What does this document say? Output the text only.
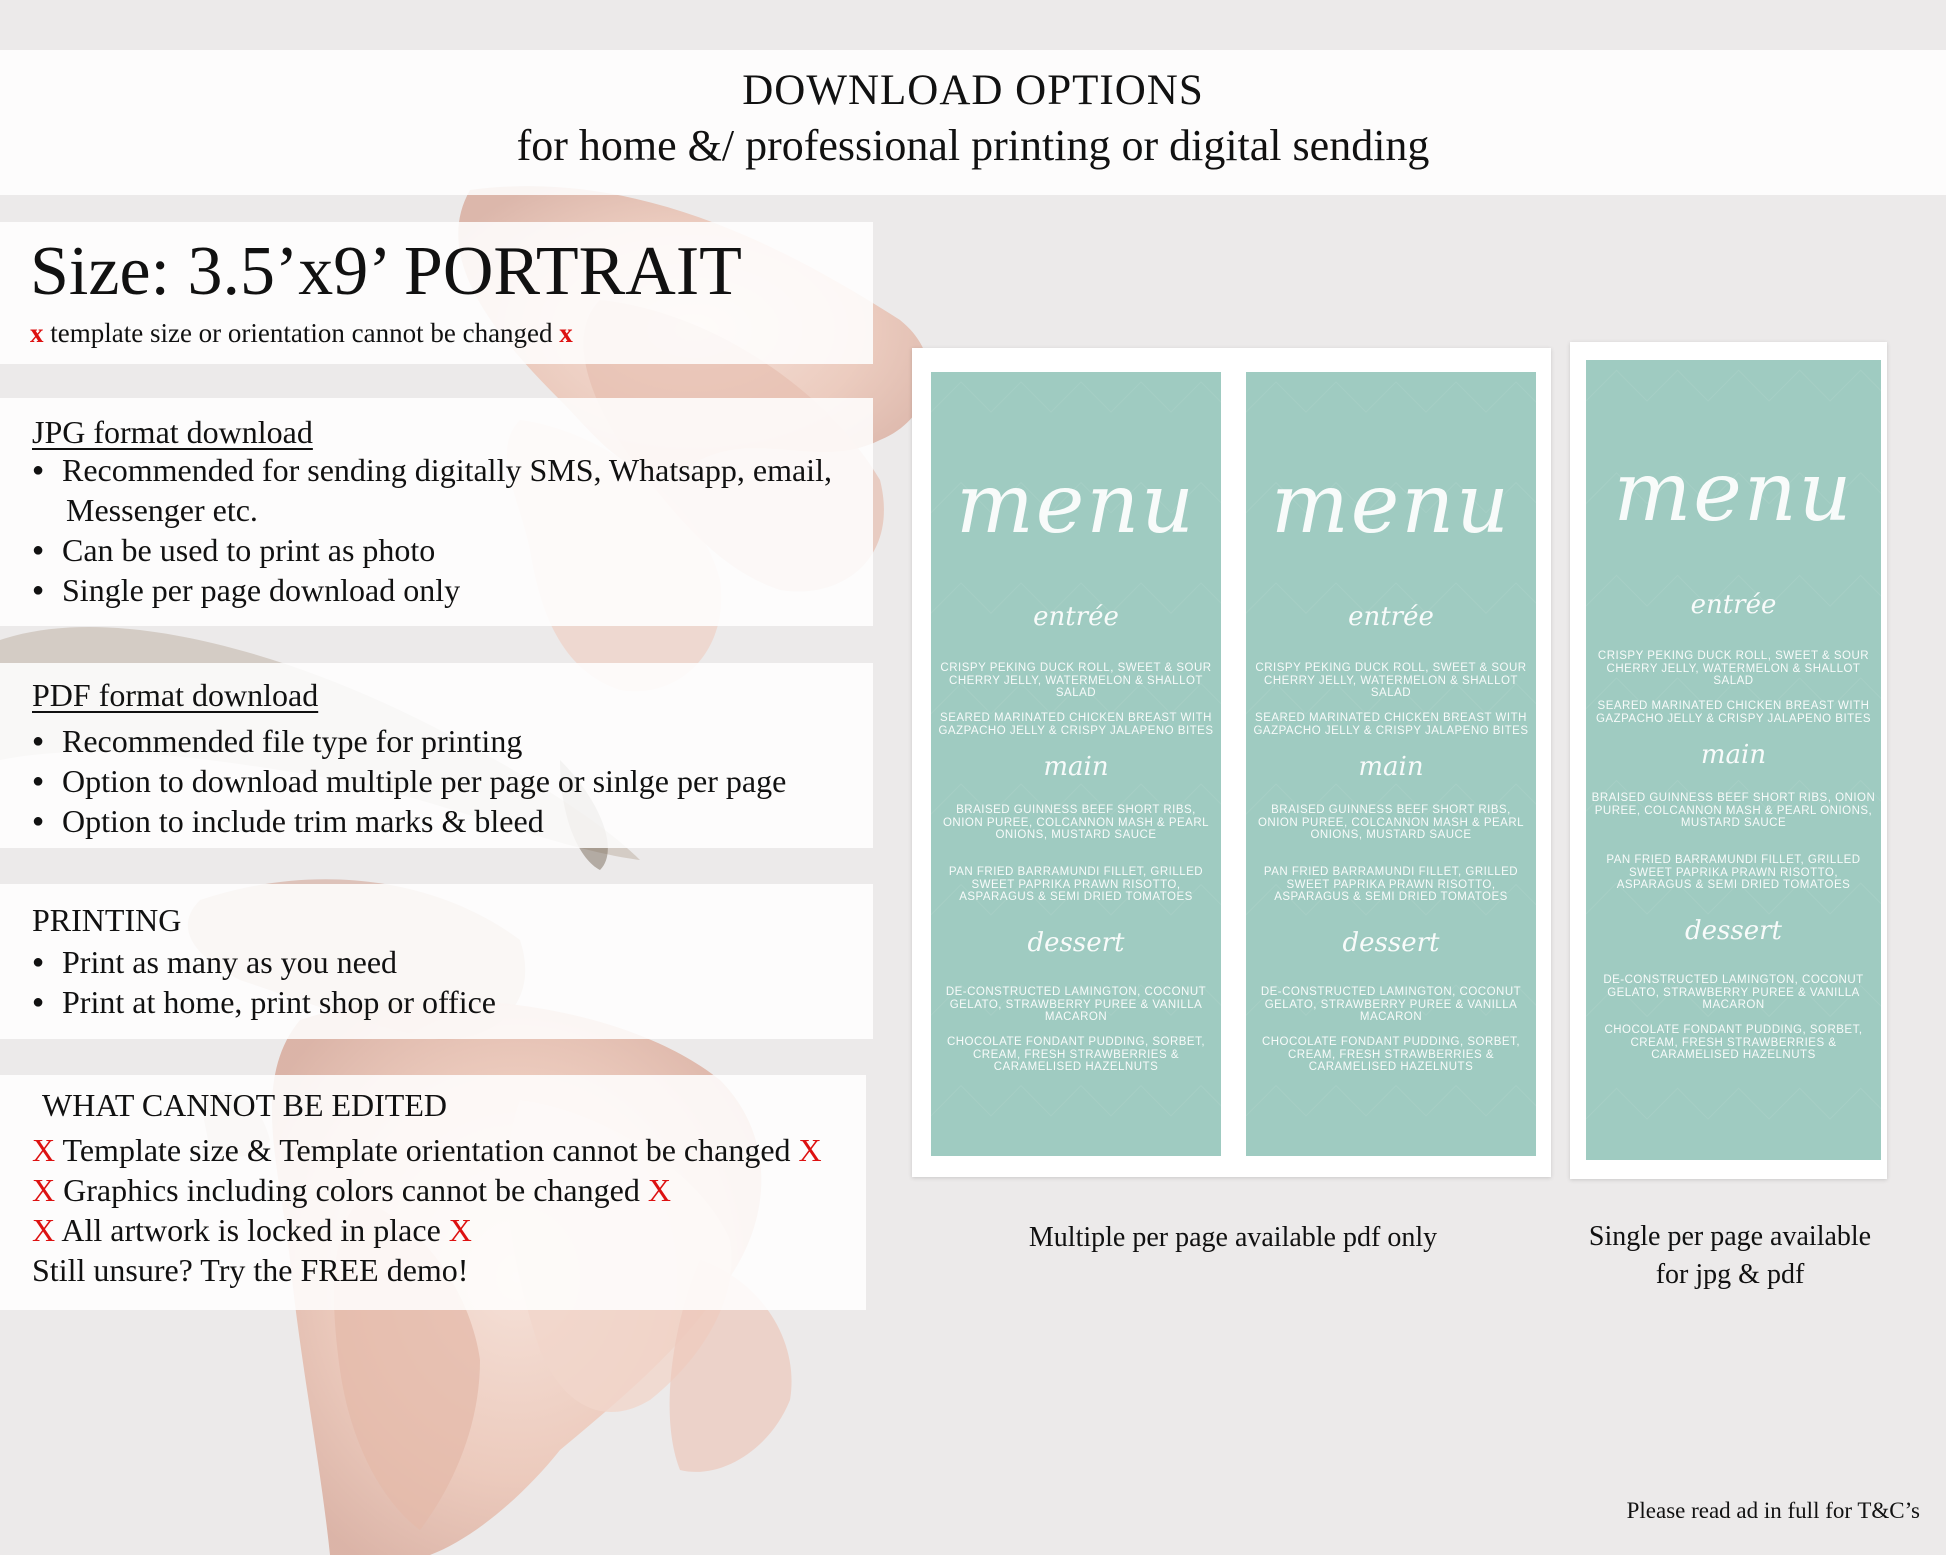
DOWNLOAD OPTIONS
for home &/ professional printing or digital sending
Size: 3.5’x9’ PORTRAIT
x template size or orientation cannot be changed x
JPG format download
● Recommended for sending digitally SMS, Whatsapp, email,
Messenger etc.
● Can be used to print as photo
● Single per page download only
PDF format download
● Recommended file type for printing
● Option to download multiple per page or sinlge per page
● Option to include trim marks & bleed
PRINTING
● Print as many as you need
● Print at home, print shop or office
WHAT CANNOT BE EDITED
X Template size & Template orientation cannot be changed X
X Graphics including colors cannot be changed X
X All artwork is locked in place X
Still unsure? Try the FREE demo!
menu
entrée
CRISPY PEKING DUCK ROLL, SWEET & SOUR CHERRY JELLY, WATERMELON & SHALLOT SALAD
SEARED MARINATED CHICKEN BREAST WITH GAZPACHO JELLY & CRISPY JALAPENO BITES
main
BRAISED GUINNESS BEEF SHORT RIBS, ONION PUREE, COLCANNON MASH & PEARL ONIONS, MUSTARD SAUCE
PAN FRIED BARRAMUNDI FILLET, GRILLED SWEET PAPRIKA PRAWN RISOTTO, ASPARAGUS & SEMI DRIED TOMATOES
dessert
DE-CONSTRUCTED LAMINGTON, COCONUT GELATO, STRAWBERRY PUREE & VANILLA MACARON
CHOCOLATE FONDANT PUDDING, SORBET, CREAM, FRESH STRAWBERRIES & CARAMELISED HAZELNUTS
menu
entrée
CRISPY PEKING DUCK ROLL, SWEET & SOUR CHERRY JELLY, WATERMELON & SHALLOT SALAD
SEARED MARINATED CHICKEN BREAST WITH GAZPACHO JELLY & CRISPY JALAPENO BITES
main
BRAISED GUINNESS BEEF SHORT RIBS, ONION PUREE, COLCANNON MASH & PEARL ONIONS, MUSTARD SAUCE
PAN FRIED BARRAMUNDI FILLET, GRILLED SWEET PAPRIKA PRAWN RISOTTO, ASPARAGUS & SEMI DRIED TOMATOES
dessert
DE-CONSTRUCTED LAMINGTON, COCONUT GELATO, STRAWBERRY PUREE & VANILLA MACARON
CHOCOLATE FONDANT PUDDING, SORBET, CREAM, FRESH STRAWBERRIES & CARAMELISED HAZELNUTS
menu
entrée
CRISPY PEKING DUCK ROLL, SWEET & SOUR CHERRY JELLY, WATERMELON & SHALLOT SALAD
SEARED MARINATED CHICKEN BREAST WITH GAZPACHO JELLY & CRISPY JALAPENO BITES
main
BRAISED GUINNESS BEEF SHORT RIBS, ONION PUREE, COLCANNON MASH & PEARL ONIONS, MUSTARD SAUCE
PAN FRIED BARRAMUNDI FILLET, GRILLED SWEET PAPRIKA PRAWN RISOTTO, ASPARAGUS & SEMI DRIED TOMATOES
dessert
DE-CONSTRUCTED LAMINGTON, COCONUT GELATO, STRAWBERRY PUREE & VANILLA MACARON
CHOCOLATE FONDANT PUDDING, SORBET, CREAM, FRESH STRAWBERRIES & CARAMELISED HAZELNUTS
Multiple per page available pdf only	Single per page available
for jpg & pdf
Please read ad in full for T&C’s
